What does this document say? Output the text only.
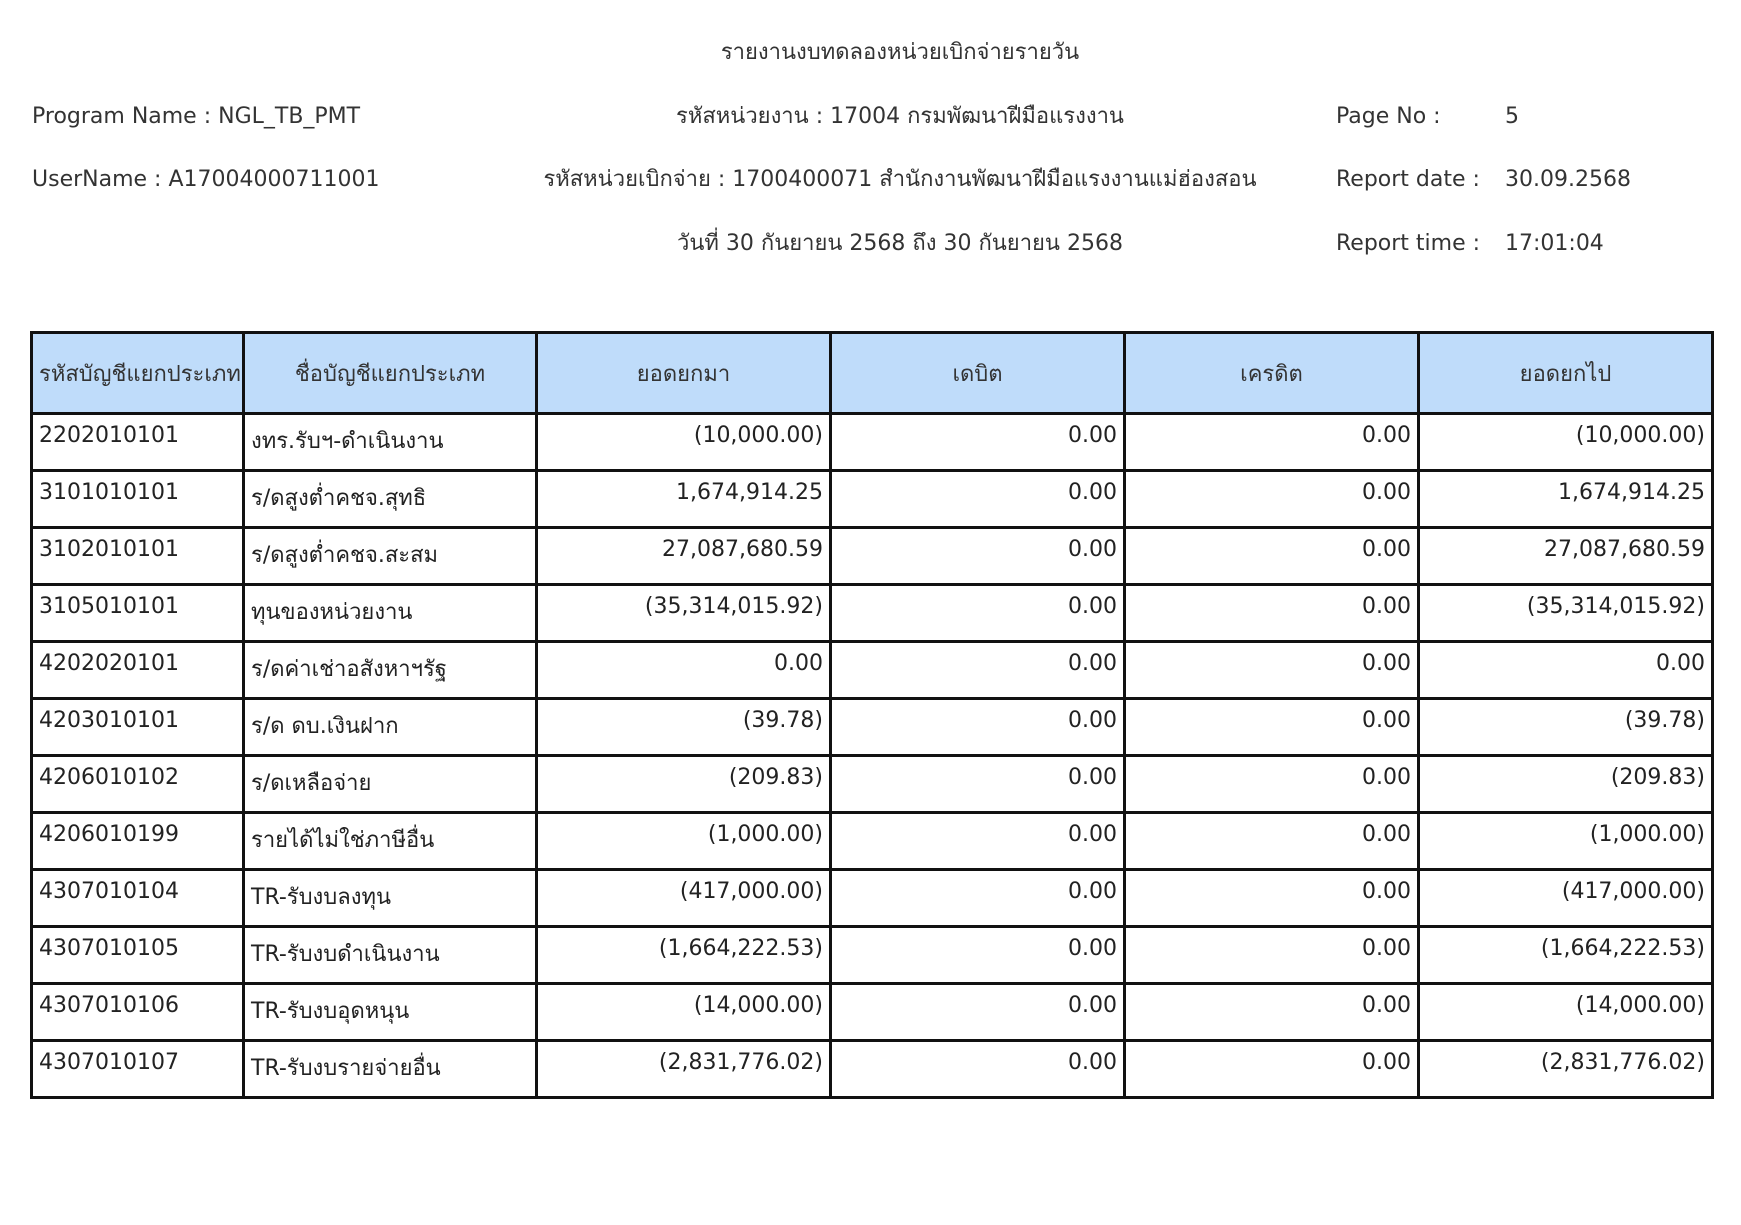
รายงานงบทดลองหน่วยเบิกจ่ายรายวัน
Program Name : NGL_TB_PMT	รหัสหน่วยงาน : 17004 กรมพัฒนาฝีมือแรงงาน	Page No :	5
UserName : A17004000711001	รหัสหน่วยเบิกจ่าย : 1700400071 สำนักงานพัฒนาฝีมือแรงงานแม่ฮ่องสอน	Report date : 30.09.2568
วันที่ 30 กันยายน 2568 ถึง 30 กันยายน 2568	Report time : 17:01:04
รหัสบัญชีแยกประเภท	ชื่อบัญชีแยกประเภท	ยอดยกมา	เดบิต	เครดิต	ยอดยกไป
2202010101	งทร.รับฯ-ดำเนินงาน	(10,000.00)	0.00	0.00	(10,000.00)
3101010101	ร/ดสูงต่ำคชจ.สุทธิ	1,674,914.25	0.00	0.00	1,674,914.25
3102010101	ร/ดสูงต่ำคชจ.สะสม	27,087,680.59	0.00	0.00	27,087,680.59
3105010101	ทุนของหน่วยงาน	(35,314,015.92)	0.00	0.00	(35,314,015.92)
4202020101	ร/ดค่าเช่าอสังหาฯรัฐ	0.00	0.00	0.00	0.00
4203010101	ร/ด ดบ.เงินฝาก	(39.78)	0.00	0.00	(39.78)
4206010102	ร/ดเหลือจ่าย	(209.83)	0.00	0.00	(209.83)
4206010199	รายได้ไม่ใช่ภาษีอื่น	(1,000.00)	0.00	0.00	(1,000.00)
4307010104	TR-รับงบลงทุน	(417,000.00)	0.00	0.00	(417,000.00)
4307010105	TR-รับงบดำเนินงาน	(1,664,222.53)	0.00	0.00	(1,664,222.53)
4307010106	TR-รับงบอุดหนุน	(14,000.00)	0.00	0.00	(14,000.00)
4307010107	TR-รับงบรายจ่ายอื่น	(2,831,776.02)	0.00	0.00	(2,831,776.02)
